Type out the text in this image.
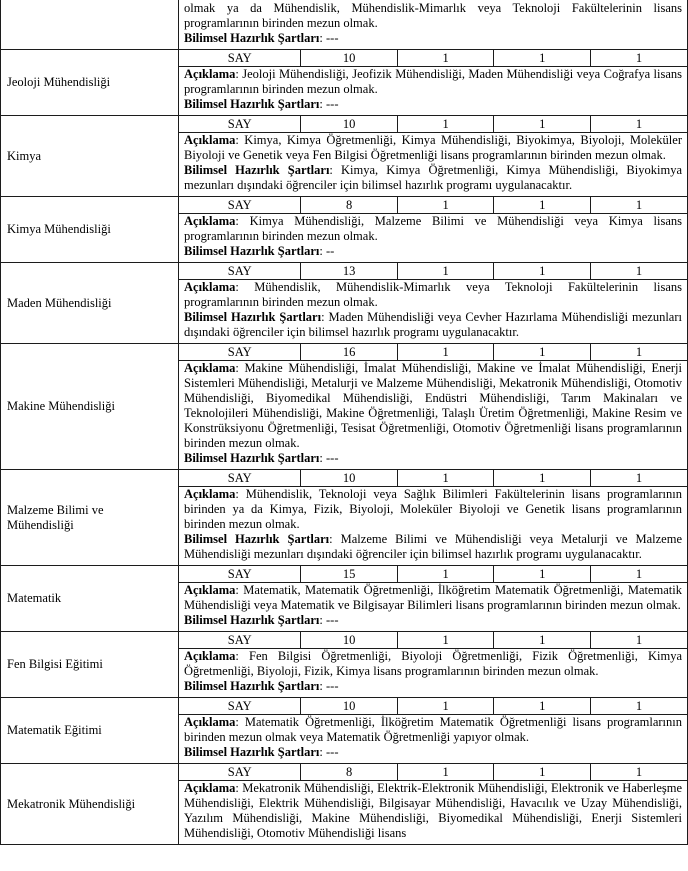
olmak ya da Mühendislik, Mühendislik-Mimarlık veya Teknoloji Fakültelerinin lisans programlarının birinden mezun olmak.
Bilimsel Hazırlık Şartları: ---

Jeoloji Mühendisliği	
SAY	10	1	1	1
Açıklama: Jeoloji Mühendisliği, Jeofizik Mühendisliği, Maden Mühendisliği veya Coğrafya lisans programlarının birinden mezun olmak.
Bilimsel Hazırlık Şartları: ---

Kimya	
SAY	10	1	1	1
Açıklama: Kimya, Kimya Öğretmenliği, Kimya Mühendisliği, Biyokimya, Biyoloji, Moleküler Biyoloji ve Genetik veya Fen Bilgisi Öğretmenliği lisans programlarının birinden mezun olmak.
Bilimsel Hazırlık Şartları: Kimya, Kimya Öğretmenliği, Kimya Mühendisliği, Biyokimya mezunları dışındaki öğrenciler için bilimsel hazırlık programı uygulanacaktır.

Kimya Mühendisliği	
SAY	8	1	1	1
Açıklama: Kimya Mühendisliği, Malzeme Bilimi ve Mühendisliği veya Kimya lisans programlarının birinden mezun olmak.
Bilimsel Hazırlık Şartları: --

Maden Mühendisliği	
SAY	13	1	1	1
Açıklama: Mühendislik, Mühendislik-Mimarlık veya Teknoloji Fakültelerinin lisans programlarının birinden mezun olmak.
Bilimsel Hazırlık Şartları: Maden Mühendisliği veya Cevher Hazırlama Mühendisliği mezunları dışındaki öğrenciler için bilimsel hazırlık programı uygulanacaktır.

Makine Mühendisliği	
SAY	16	1	1	1
Açıklama: Makine Mühendisliği, İmalat Mühendisliği, Makine ve İmalat Mühendisliği, Enerji Sistemleri Mühendisliği, Metalurji ve Malzeme Mühendisliği, Mekatronik Mühendisliği, Otomotiv Mühendisliği, Biyomedikal Mühendisliği, Endüstri Mühendisliği, Tarım Makinaları ve Teknolojileri Mühendisliği, Makine Öğretmenliği, Talaşlı Üretim Öğretmenliği, Makine Resim ve Konstrüksiyonu Öğretmenliği, Tesisat Öğretmenliği, Otomotiv Öğretmenliği lisans programlarının birinden mezun olmak.
Bilimsel Hazırlık Şartları: ---

Malzeme Bilimi ve Mühendisliği	
SAY	10	1	1	1
Açıklama: Mühendislik, Teknoloji veya Sağlık Bilimleri Fakültelerinin lisans programlarının birinden ya da Kimya, Fizik, Biyoloji, Moleküler Biyoloji ve Genetik lisans programlarının birinden mezun olmak.
Bilimsel Hazırlık Şartları: Malzeme Bilimi ve Mühendisliği veya Metalurji ve Malzeme Mühendisliği mezunları dışındaki öğrenciler için bilimsel hazırlık programı uygulanacaktır.

Matematik	
SAY	15	1	1	1
Açıklama: Matematik, Matematik Öğretmenliği, İlköğretim Matematik Öğretmenliği, Matematik Mühendisliği veya Matematik ve Bilgisayar Bilimleri lisans programlarının birinden mezun olmak.
Bilimsel Hazırlık Şartları: ---

Fen Bilgisi Eğitimi	
SAY	10	1	1	1
Açıklama: Fen Bilgisi Öğretmenliği, Biyoloji Öğretmenliği, Fizik Öğretmenliği, Kimya Öğretmenliği, Biyoloji, Fizik, Kimya lisans programlarının birinden mezun olmak.
Bilimsel Hazırlık Şartları: ---

Matematik Eğitimi	
SAY	10	1	1	1
Açıklama: Matematik Öğretmenliği, İlköğretim Matematik Öğretmenliği lisans programlarının birinden mezun olmak veya Matematik Öğretmenliği yapıyor olmak.
Bilimsel Hazırlık Şartları: ---

Mekatronik Mühendisliği	
SAY	8	1	1	1
Açıklama: Mekatronik Mühendisliği, Elektrik-Elektronik Mühendisliği, Elektronik ve Haberleşme Mühendisliği, Elektrik Mühendisliği, Bilgisayar Mühendisliği, Havacılık ve Uzay Mühendisliği, Yazılım Mühendisliği, Makine Mühendisliği, Biyomedikal Mühendisliği, Enerji Sistemleri Mühendisliği, Otomotiv Mühendisliği lisans
